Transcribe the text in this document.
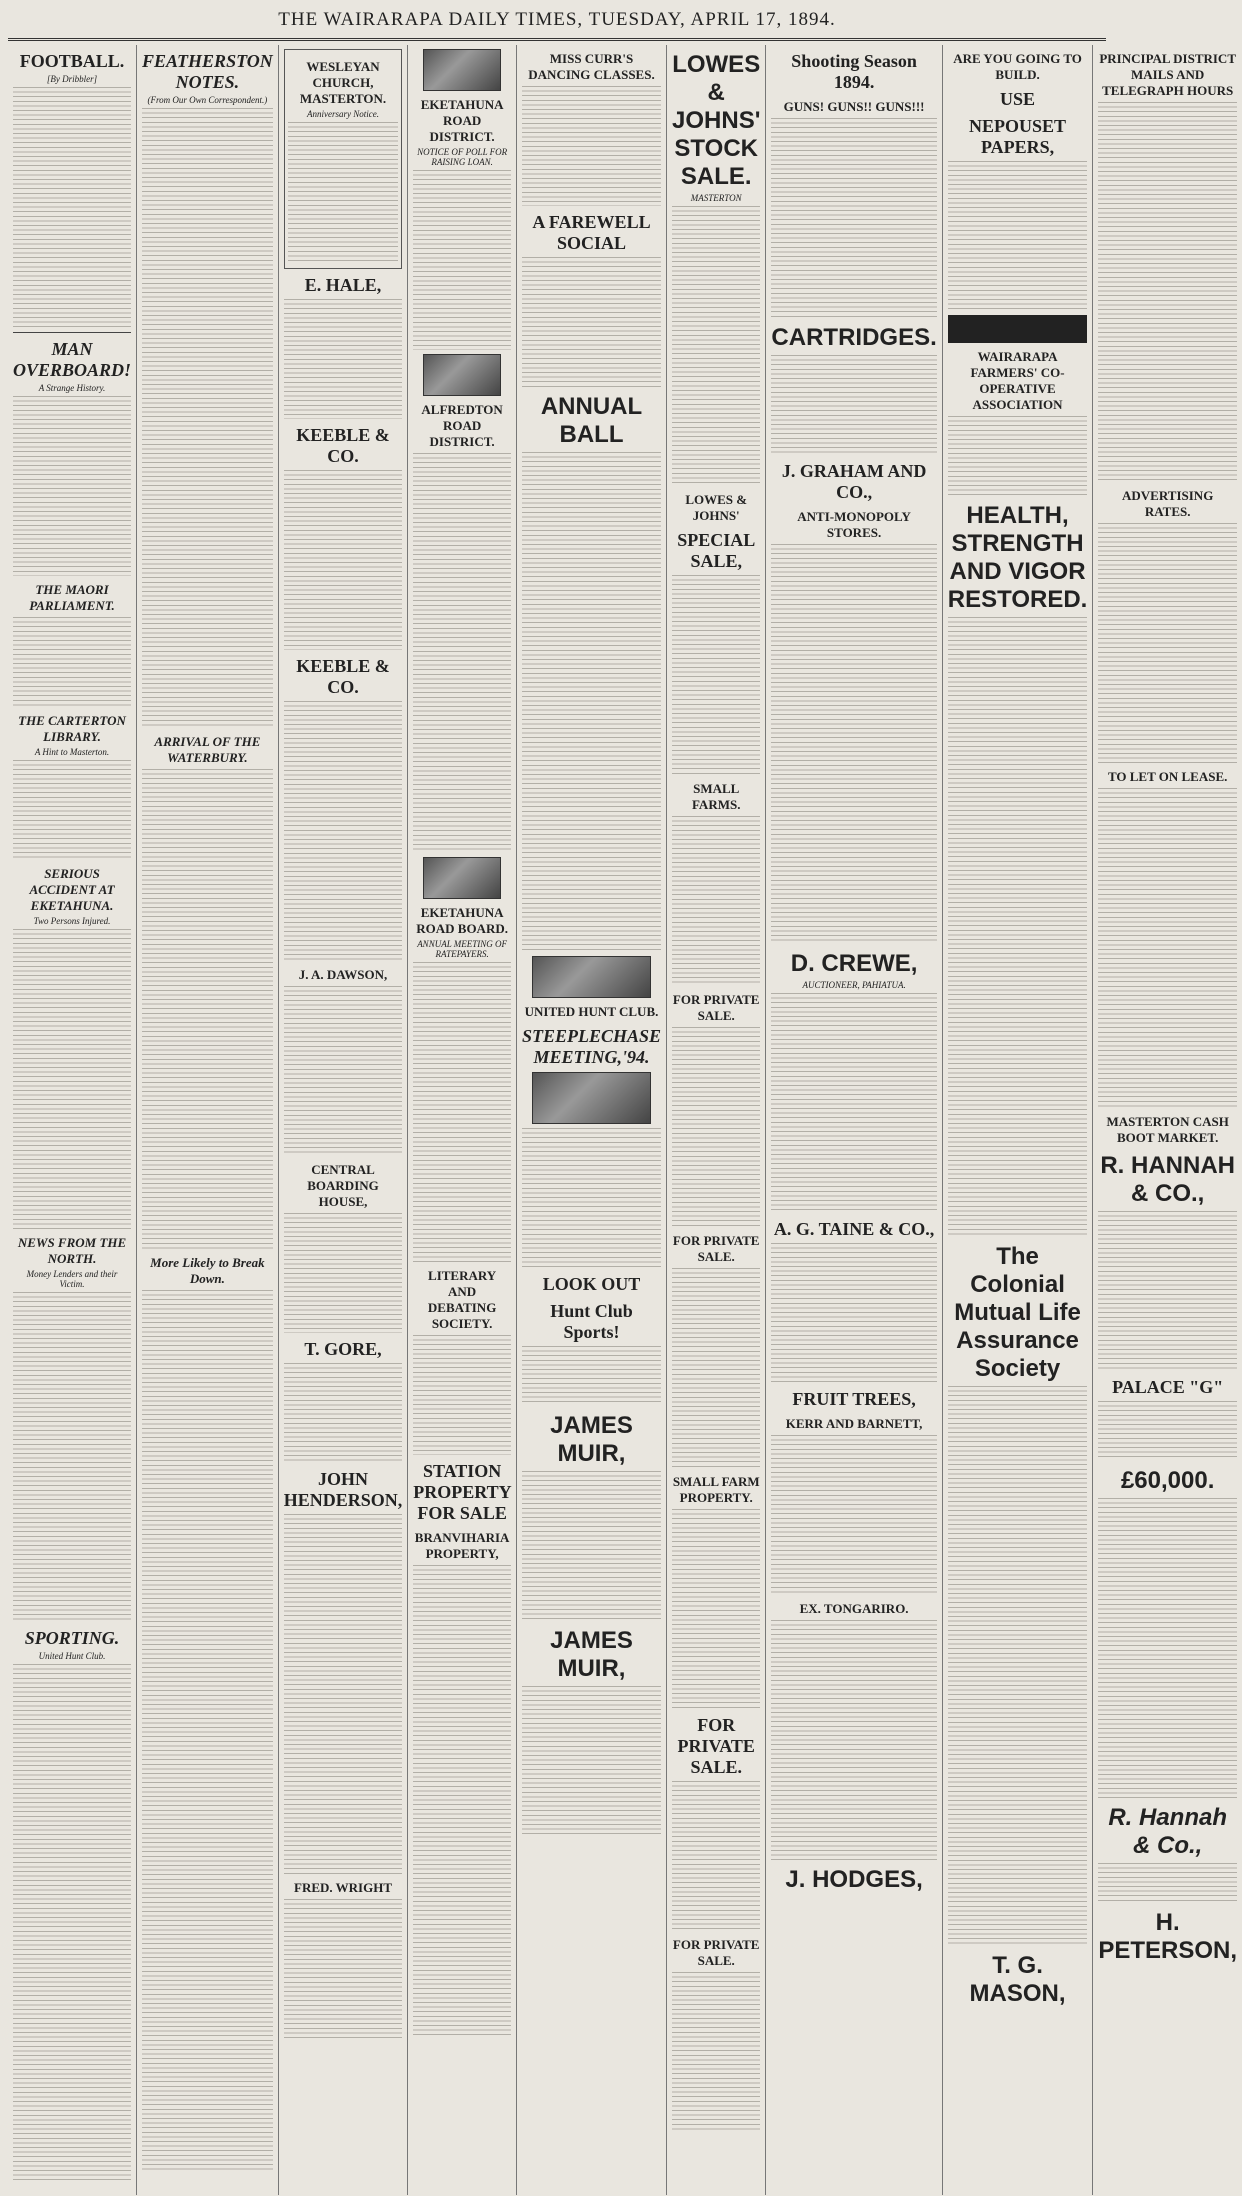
THE WAIRARAPA DAILY TIMES, TUESDAY, APRIL 17, 1894.
FOOTBALL.
[By Dribbler]
MAN OVERBOARD!
A Strange History.
THE MAORI PARLIAMENT.
THE CARTERTON LIBRARY.
A Hint to Masterton.
SERIOUS ACCIDENT AT EKETAHUNA.
Two Persons Injured.
NEWS FROM THE NORTH.
Money Lenders and their Victim.
SPORTING.
United Hunt Club.
FEATHERSTON NOTES.
(From Our Own Correspondent.)
ARRIVAL OF THE WATERBURY.
More Likely to Break Down.
WESLEYAN CHURCH, MASTERTON.
Anniversary Notice.
E. HALE,
KEEBLE & CO.
KEEBLE & CO.
J. A. DAWSON,
CENTRAL BOARDING HOUSE,
T. GORE,
JOHN HENDERSON,
FRED. WRIGHT
EKETAHUNA ROAD DISTRICT.
NOTICE OF POLL FOR RAISING LOAN.
ALFREDTON ROAD DISTRICT.
EKETAHUNA ROAD BOARD.
ANNUAL MEETING OF RATEPAYERS.
LITERARY AND DEBATING SOCIETY.
STATION PROPERTY FOR SALE
BRANVIHARIA PROPERTY,
MISS CURR'S DANCING CLASSES.
A FAREWELL SOCIAL
ANNUAL BALL
UNITED HUNT CLUB.
STEEPLECHASE MEETING,'94.
LOOK OUT
Hunt Club Sports!
JAMES MUIR,
JAMES MUIR,
LOWES & JOHNS' STOCK SALE.
MASTERTON
LOWES & JOHNS'
SPECIAL SALE,
SMALL FARMS.
FOR PRIVATE SALE.
FOR PRIVATE SALE.
SMALL FARM PROPERTY.
FOR PRIVATE SALE.
FOR PRIVATE SALE.
Shooting Season 1894.
GUNS! GUNS!! GUNS!!!
CARTRIDGES.
J. GRAHAM AND CO.,
ANTI-MONOPOLY STORES.
D. CREWE,
AUCTIONEER, PAHIATUA.
A. G. TAINE & CO.,
FRUIT TREES,
KERR AND BARNETT,
EX. TONGARIRO.
J. HODGES,
ARE YOU GOING TO BUILD.
USE
NEPOUSET PAPERS,
WAIRARAPA FARMERS' CO-OPERATIVE ASSOCIATION
HEALTH, STRENGTH AND VIGOR RESTORED.
The Colonial Mutual Life Assurance Society
T. G. MASON,
PRINCIPAL DISTRICT MAILS AND TELEGRAPH HOURS
ADVERTISING RATES.
TO LET ON LEASE.
MASTERTON CASH BOOT MARKET.
R. HANNAH & CO.,
PALACE "G"
£60,000.
R. Hannah & Co.,
H. PETERSON,
